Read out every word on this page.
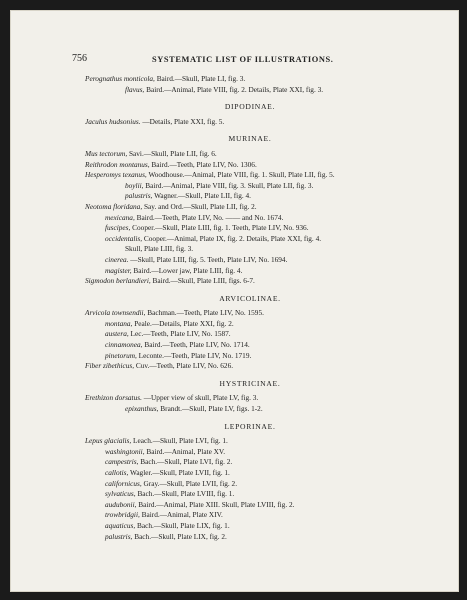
756	SYSTEMATIC LIST OF ILLUSTRATIONS.
Perognathus monticola, Baird.—Skull, Plate LI, fig. 3.
flavus, Baird.—Animal, Plate VIII, fig. 2. Details, Plate XXI, fig. 3.
DIPODINAE.
Jaculus hudsonius. —Details, Plate XXI, fig. 5.
MURINAE.
Mus tectorum, Savi.—Skull, Plate LII, fig. 6.
Reithrodon montanus, Baird.—Teeth, Plate LIV, No. 1306.
Hesperomys texanus, Woodhouse.—Animal, Plate VIII, fig. 1. Skull, Plate LII, fig. 5.
boylii, Baird.—Animal, Plate VIII, fig. 3. Skull, Plate LII, fig. 3.
palustris, Wagner.—Skull, Plate LII, fig. 4.
Neotoma floridana, Say. and Ord.—Skull, Plate LII, fig. 2.
mexicana, Baird.—Teeth, Plate LIV, No. —— and No. 1674.
fuscipes, Cooper.—Skull, Plate LIII, fig. 1. Teeth, Plate LIV, No. 936.
occidentalis, Cooper.—Animal, Plate IX, fig. 2. Details, Plate XXI, fig. 4.
Skull, Plate LIII, fig. 3.
cinerea. —Skull, Plate LIII, fig. 5. Teeth, Plate LIV, No. 1694.
magister, Baird.—Lower jaw, Plate LIII, fig. 4.
Sigmodon berlandieri, Baird.—Skull, Plate LIII, figs. 6-7.
ARVICOLINAE.
Arvicola townsendii, Bachman.—Teeth, Plate LIV, No. 1595.
montana, Peale.—Details, Plate XXI, fig. 2.
austera, Lec.—Teeth, Plate LIV, No. 1587.
cinnamonea, Baird.—Teeth, Plate LIV, No. 1714.
pinetorum, Leconte.—Teeth, Plate LIV, No. 1719.
Fiber zibethicus, Cuv.—Teeth, Plate LIV, No. 626.
HYSTRICINAE.
Erethizon dorsatus. —Upper view of skull, Plate LV, fig. 3.
epixanthus, Brandt.—Skull, Plate LV, figs. 1-2.
LEPORINAE.
Lepus glacialis, Leach.—Skull, Plate LVI, fig. 1.
washingtonii, Baird.—Animal, Plate XV.
campestris, Bach.—Skull, Plate LVI, fig. 2.
callotis, Wagler.—Skull, Plate LVII, fig. 1.
californicus, Gray.—Skull, Plate LVII, fig. 2.
sylvaticus, Bach.—Skull, Plate LVIII, fig. 1.
audubonii, Baird.—Animal, Plate XIII. Skull, Plate LVIII, fig. 2.
trowbridgii, Baird.—Animal, Plate XIV.
aquaticus, Bach.—Skull, Plate LIX, fig. 1.
palustris, Bach.—Skull, Plate LIX, fig. 2.
